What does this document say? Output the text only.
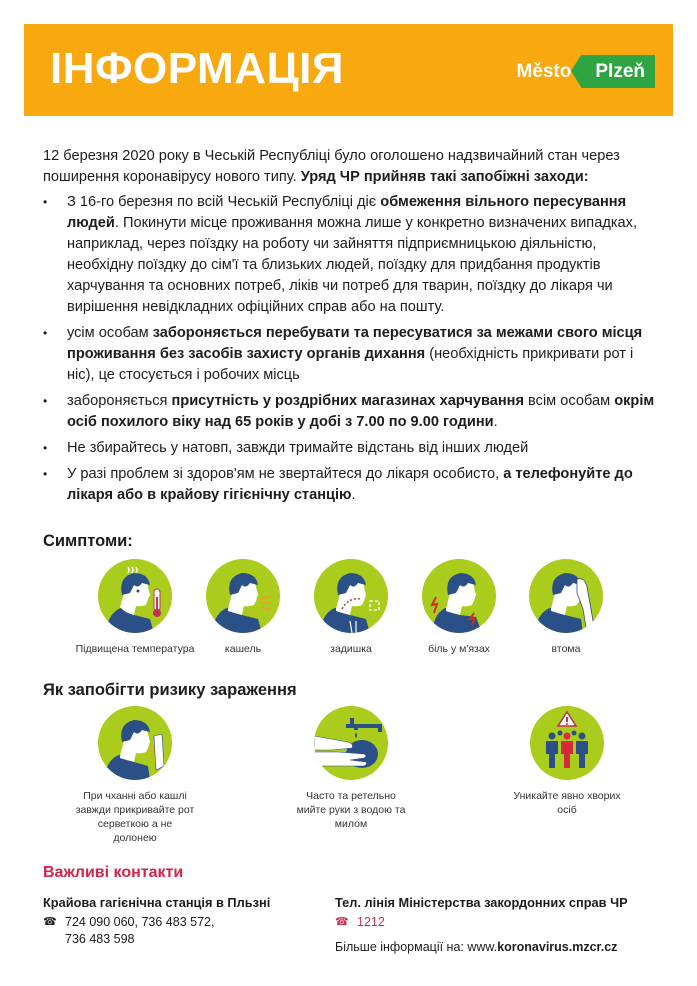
ІНФОРМАЦІЯ	Město	Plzeň

12 березня 2020 року в Чеській Республіці було оголошено надзвичайний стан через поширення коронавірусу нового типу. Уряд ЧР прийняв такі запобіжні заходи:

• З 16-го березня по всій Чеській Республіці діє обмеження вільного пересування людей. Покинути місце проживання можна лише у конкретно визначених випадках, наприклад, через поїздку на роботу чи зайняття підприємницькою діяльністю, необхідну поїздку до сім'ї та близьких людей, поїздку для придбання продуктів харчування та основних потреб, ліків чи потреб для тварин, поїздку до лікаря чи вирішення невідкладних офіційних справ або на пошту.
• усім особам забороняється перебувати та пересуватися за межами свого місця проживання без засобів захисту органів дихання (необхідність прикривати рот і ніс), це стосується і робочих місць
• забороняється присутність у роздрібних магазинах харчування всім особам окрім осіб похилого віку над 65 років у добі з 7.00 по 9.00 години.
• Не збирайтесь у натовп, завжди тримайте відстань від інших людей
• У разі проблем зі здоров'ям не звертайтеся до лікаря особисто, а телефонуйте до лікаря або в крайову гігієнічну станцію.
Симптоми:
Підвищена температура	кашель	задишка	біль у м'язах	втома
Як запобігти ризику зараження
При чханні або кашлі завжди прикривайте рот серветкою а не долонею
Часто та ретельно мийте руки з водою та милом
Уникайте явно хворих осіб
Важливі контакти
Крайова гагієнічна станція в Пльзні
☎ 724 090 060, 736 483 572,
736 483 598
Тел. лінія Міністерства закордонних справ ЧР
☎ 1212
Більше інформації на: www.koronavirus.mzcr.cz
